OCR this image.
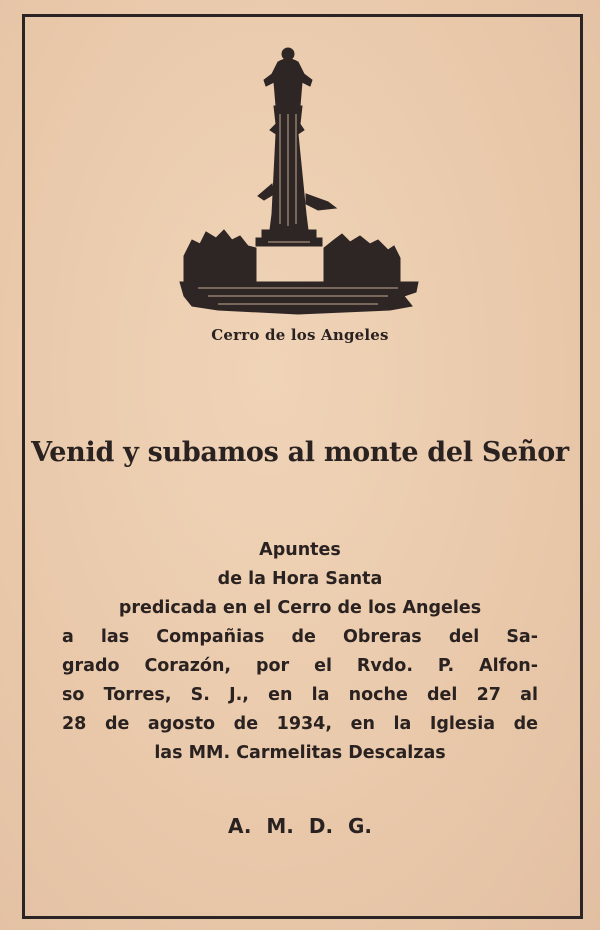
Cerro de los Angeles
Venid y subamos al monte del Señor
Apuntes
de la Hora Santa
predicada en el Cerro de los Angeles
a las Compañias de Obreras del Sa-
grado Corazón, por el Rvdo. P. Alfon-
so Torres, S. J., en la noche del 27 al
28 de agosto de 1934, en la Iglesia de
las MM. Carmelitas Descalzas
A. M. D. G.
